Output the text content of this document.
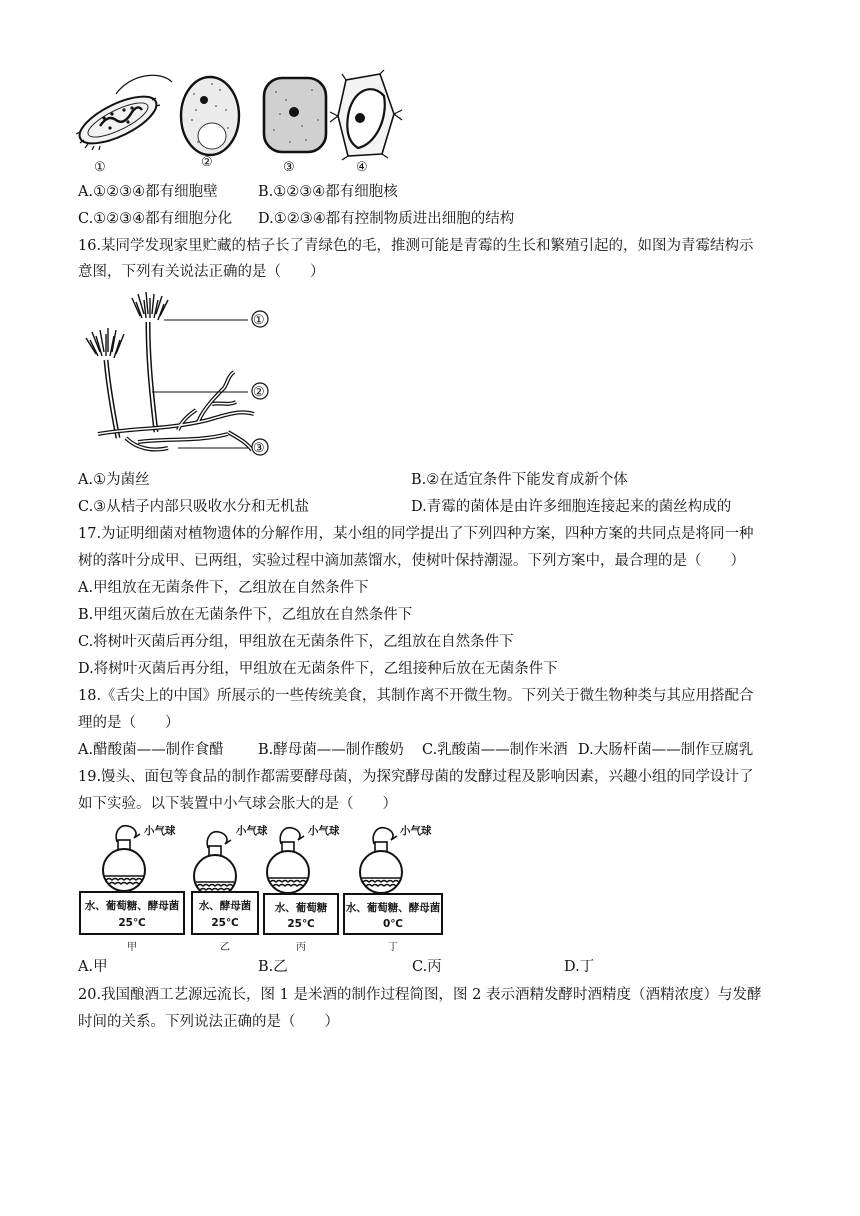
①	②	③	④
A.①②③④都有细胞壁	B.①②③④都有细胞核
C.①②③④都有细胞分化 D.①②③④都有控制物质进出细胞的结构
16.某同学发现家里贮藏的桔子长了青绿色的毛，推测可能是青霉的生长和繁殖引起的，如图为青霉结构示
意图，下列有关说法正确的是（　　）
①
②
③
A.①为菌丝	B.②在适宜条件下能发育成新个体
C.③从桔子内部只吸收水分和无机盐	D.青霉的菌体是由许多细胞连接起来的菌丝构成的
17.为证明细菌对植物遗体的分解作用，某小组的同学提出了下列四种方案，四种方案的共同点是将同一种
树的落叶分成甲、已两组，实验过程中滴加蒸馏水，使树叶保持潮湿。下列方案中，最合理的是（　　）
A.甲组放在无菌条件下，乙组放在自然条件下
B.甲组灭菌后放在无菌条件下，乙组放在自然条件下
C.将树叶灭菌后再分组，甲组放在无菌条件下，乙组放在自然条件下
D.将树叶灭菌后再分组，甲组放在无菌条件下，乙组接种后放在无菌条件下
18.《舌尖上的中国》所展示的一些传统美食，其制作离不开微生物。下列关于微生物种类与其应用搭配合
理的是（　　）
A.醋酸菌——制作食醋 B.酵母菌——制作酸奶 C.乳酸菌——制作米酒 D.大肠杆菌——制作豆腐乳
19.馒头、面包等食品的制作都需要酵母菌，为探究酵母菌的发酵过程及影响因素，兴趣小组的同学设计了
如下实验。以下装置中小气球会胀大的是（　　）
小气球	小气球	小气球	小气球
水、葡萄糖、酵母菌
25℃
水、酵母菌
25℃
水、葡萄糖
25℃
水、葡萄糖、酵母菌
0℃
甲	乙	丙	丁
A.甲	B.乙	C.丙	D.丁
20.我国酿酒工艺源远流长，图 1 是米酒的制作过程简图，图 2 表示酒精发酵时酒精度（酒精浓度）与发酵
时间的关系。下列说法正确的是（　　）
